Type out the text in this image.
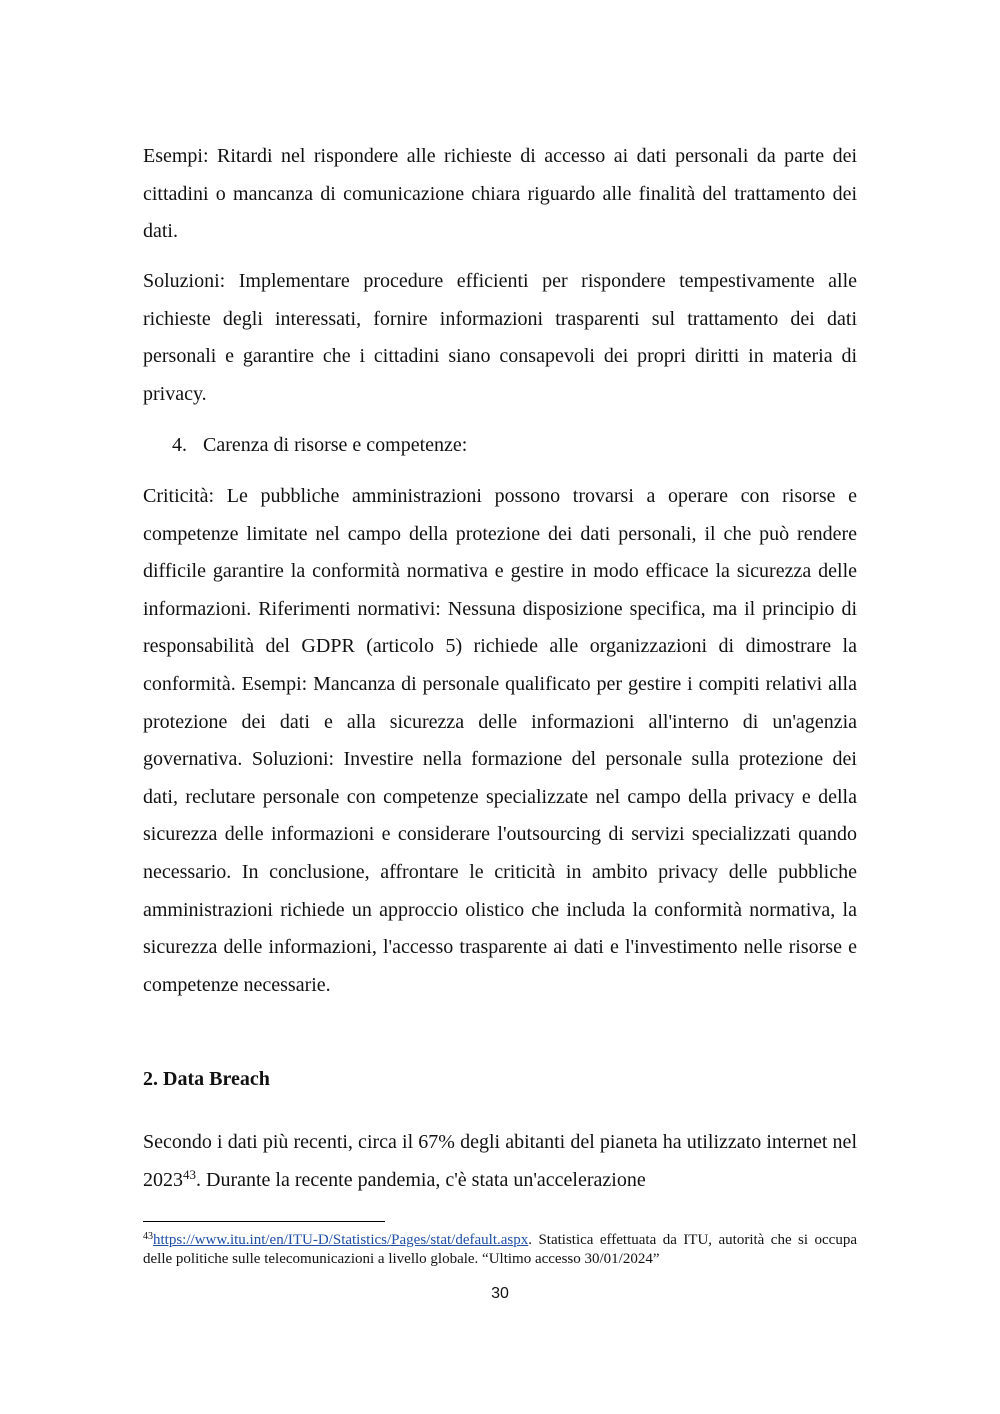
Esempi: Ritardi nel rispondere alle richieste di accesso ai dati personali da parte dei cittadini o mancanza di comunicazione chiara riguardo alle finalità del trattamento dei dati.

Soluzioni: Implementare procedure efficienti per rispondere tempestivamente alle richieste degli interessati, fornire informazioni trasparenti sul trattamento dei dati personali e garantire che i cittadini siano consapevoli dei propri diritti in materia di privacy.

4. Carenza di risorse e competenze:

Criticità: Le pubbliche amministrazioni possono trovarsi a operare con risorse e competenze limitate nel campo della protezione dei dati personali, il che può rendere difficile garantire la conformità normativa e gestire in modo efficace la sicurezza delle informazioni. Riferimenti normativi: Nessuna disposizione specifica, ma il principio di responsabilità del GDPR (articolo 5) richiede alle organizzazioni di dimostrare la conformità. Esempi: Mancanza di personale qualificato per gestire i compiti relativi alla protezione dei dati e alla sicurezza delle informazioni all'interno di un'agenzia governativa. Soluzioni: Investire nella formazione del personale sulla protezione dei dati, reclutare personale con competenze specializzate nel campo della privacy e della sicurezza delle informazioni e considerare l'outsourcing di servizi specializzati quando necessario. In conclusione, affrontare le criticità in ambito privacy delle pubbliche amministrazioni richiede un approccio olistico che includa la conformità normativa, la sicurezza delle informazioni, l'accesso trasparente ai dati e l'investimento nelle risorse e competenze necessarie.

2. Data Breach

Secondo i dati più recenti, circa il 67% degli abitanti del pianeta ha utilizzato internet nel 2023$^{43}$. Durante la recente pandemia, c'è stata un'accelerazione

$^{43}$https://www.itu.int/en/ITU-D/Statistics/Pages/stat/default.aspx. Statistica effettuata da ITU, autorità che si occupa delle politiche sulle telecomunicazioni a livello globale. “Ultimo accesso 30/01/2024”

30
